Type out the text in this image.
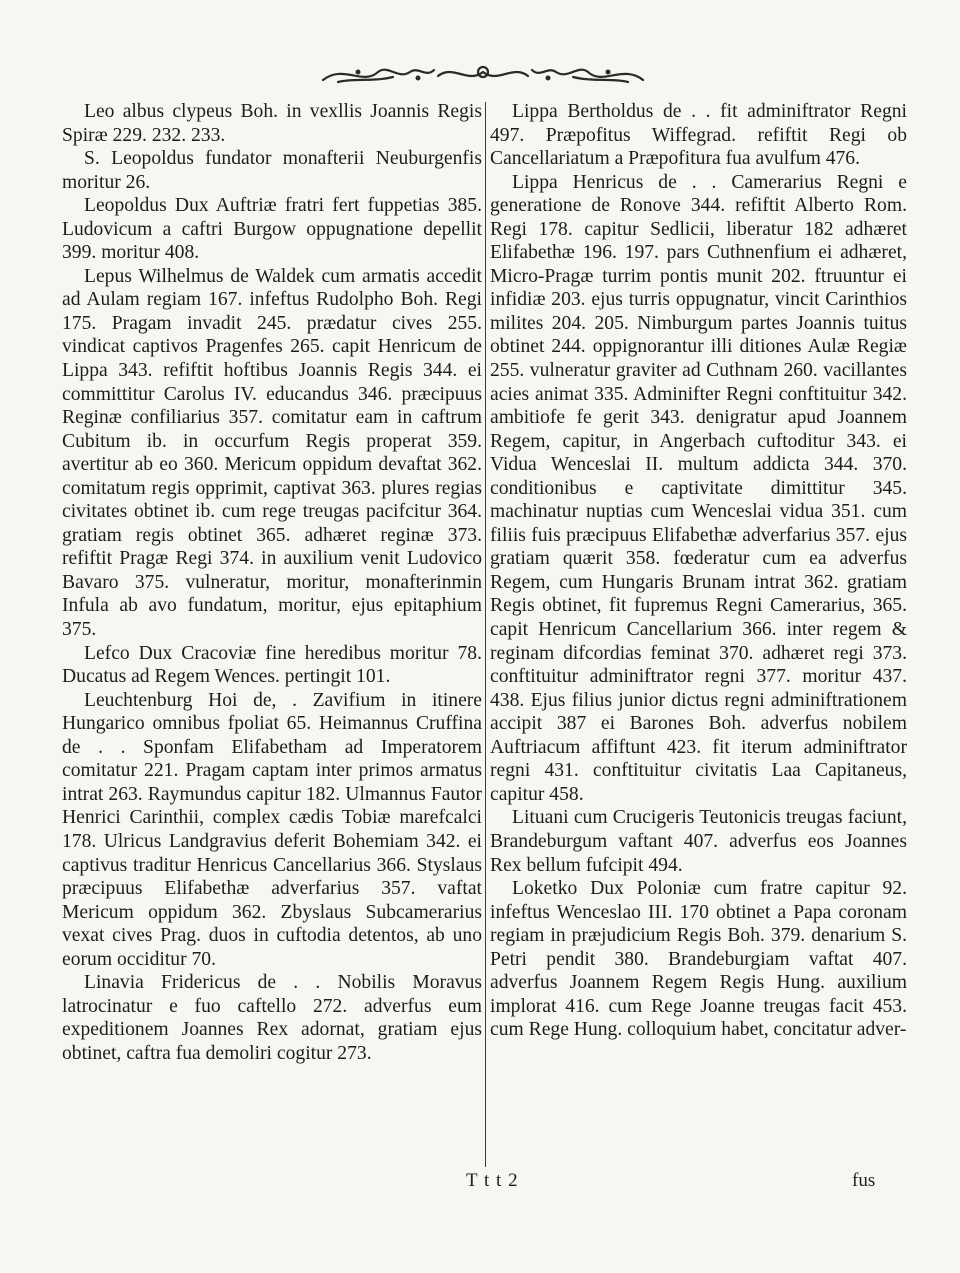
Leo albus clypeus Boh. in vexllis Joannis Regis Spiræ 229. 232. 233.

S. Leopoldus fundator monafterii Neuburgenfis moritur 26.

Leopoldus Dux Auftriæ fratri fert fuppetias 385. Ludovicum a caftri Burgow oppugnatione depellit 399. moritur 408.

Lepus Wilhelmus de Waldek cum armatis accedit ad Aulam regiam 167. infeftus Rudolpho Boh. Regi 175. Pragam invadit 245. prædatur cives 255. vindicat captivos Pragenfes 265. capit Henricum de Lippa 343. refiftit hoftibus Joannis Regis 344. ei committitur Carolus IV. educandus 346. præcipuus Reginæ confiliarius 357. comitatur eam in caftrum Cubitum ib. in occurfum Regis properat 359. avertitur ab eo 360. Mericum oppidum devaftat 362. comitatum regis opprimit, captivat 363. plures regias civitates obtinet ib. cum rege treugas pacifcitur 364. gratiam regis obtinet 365. adhæret reginæ 373. refiftit Pragæ Regi 374. in auxilium venit Ludovico Bavaro 375. vulneratur, moritur, monafterinmin Infula ab avo fundatum, moritur, ejus epitaphium 375.

Lefco Dux Cracoviæ fine heredibus moritur 78. Ducatus ad Regem Wences. pertingit 101.

Leuchtenburg Hoi de, . Zavifium in itinere Hungarico omnibus fpoliat 65. Heimannus Cruffina de . . Sponfam Elifabetham ad Imperatorem comitatur 221. Pragam captam inter primos armatus intrat 263. Raymundus capitur 182. Ulmannus Fautor Henrici Carinthii, complex cædis Tobiæ marefcalci 178. Ulricus Landgravius deferit Bohemiam 342. ei captivus traditur Henricus Cancellarius 366. Styslaus præcipuus Elifabethæ adverfarius 357. vaftat Mericum oppidum 362. Zbyslaus Subcamerarius vexat cives Prag. duos in cuftodia detentos, ab uno eorum occiditur 70.

Linavia Fridericus de . . Nobilis Moravus latrocinatur e fuo caftello 272. adverfus eum expeditionem Joannes Rex adornat, gratiam ejus obtinet, caftra fua demoliri cogitur 273.

Lippa Bertholdus de . . fit adminiftrator Regni 497. Præpofitus Wiffegrad. refiftit Regi ob Cancellariatum a Præpofitura fua avulfum 476.

Lippa Henricus de . . Camerarius Regni e generatione de Ronove 344. refiftit Alberto Rom. Regi 178. capitur Sedlicii, liberatur 182 adhæret Elifabethæ 196. 197. pars Cuthnenfium ei adhæret, Micro-Pragæ turrim pontis munit 202. ftruuntur ei infidiæ 203. ejus turris oppugnatur, vincit Carinthios milites 204. 205. Nimburgum partes Joannis tuitus obtinet 244. oppignorantur illi ditiones Aulæ Regiæ 255. vulneratur graviter ad Cuthnam 260. vacillantes acies animat 335. Adminifter Regni conftituitur 342. ambitiofe fe gerit 343. denigratur apud Joannem Regem, capitur, in Angerbach cuftoditur 343. ei Vidua Wenceslai II. multum addicta 344. 370. conditionibus e captivitate dimittitur 345. machinatur nuptias cum Wenceslai vidua 351. cum filiis fuis præcipuus Elifabethæ adverfarius 357. ejus gratiam quærit 358. fœderatur cum ea adverfus Regem, cum Hungaris Brunam intrat 362. gratiam Regis obtinet, fit fupremus Regni Camerarius, 365. capit Henricum Cancellarium 366. inter regem & reginam difcordias feminat 370. adhæret regi 373. conftituitur adminiftrator regni 377. moritur 437. 438. Ejus filius junior dictus regni adminiftrationem accipit 387 ei Barones Boh. adverfus nobilem Auftriacum affiftunt 423. fit iterum adminiftrator regni 431. conftituitur civitatis Laa Capitaneus, capitur 458.

Lituani cum Crucigeris Teutonicis treugas faciunt, Brandeburgum vaftant 407. adverfus eos Joannes Rex bellum fufcipit 494.

Loketko Dux Poloniæ cum fratre capitur 92. infeftus Wenceslao III. 170 obtinet a Papa coronam regiam in præjudicium Regis Boh. 379. denarium S. Petri pendit 380. Brandeburgiam vaftat 407. adverfus Joannem Regem Regis Hung. auxilium implorat 416. cum Rege Joanne treugas facit 453. cum Rege Hung. colloquium habet, concitatur adver-

T t t 2	fus
